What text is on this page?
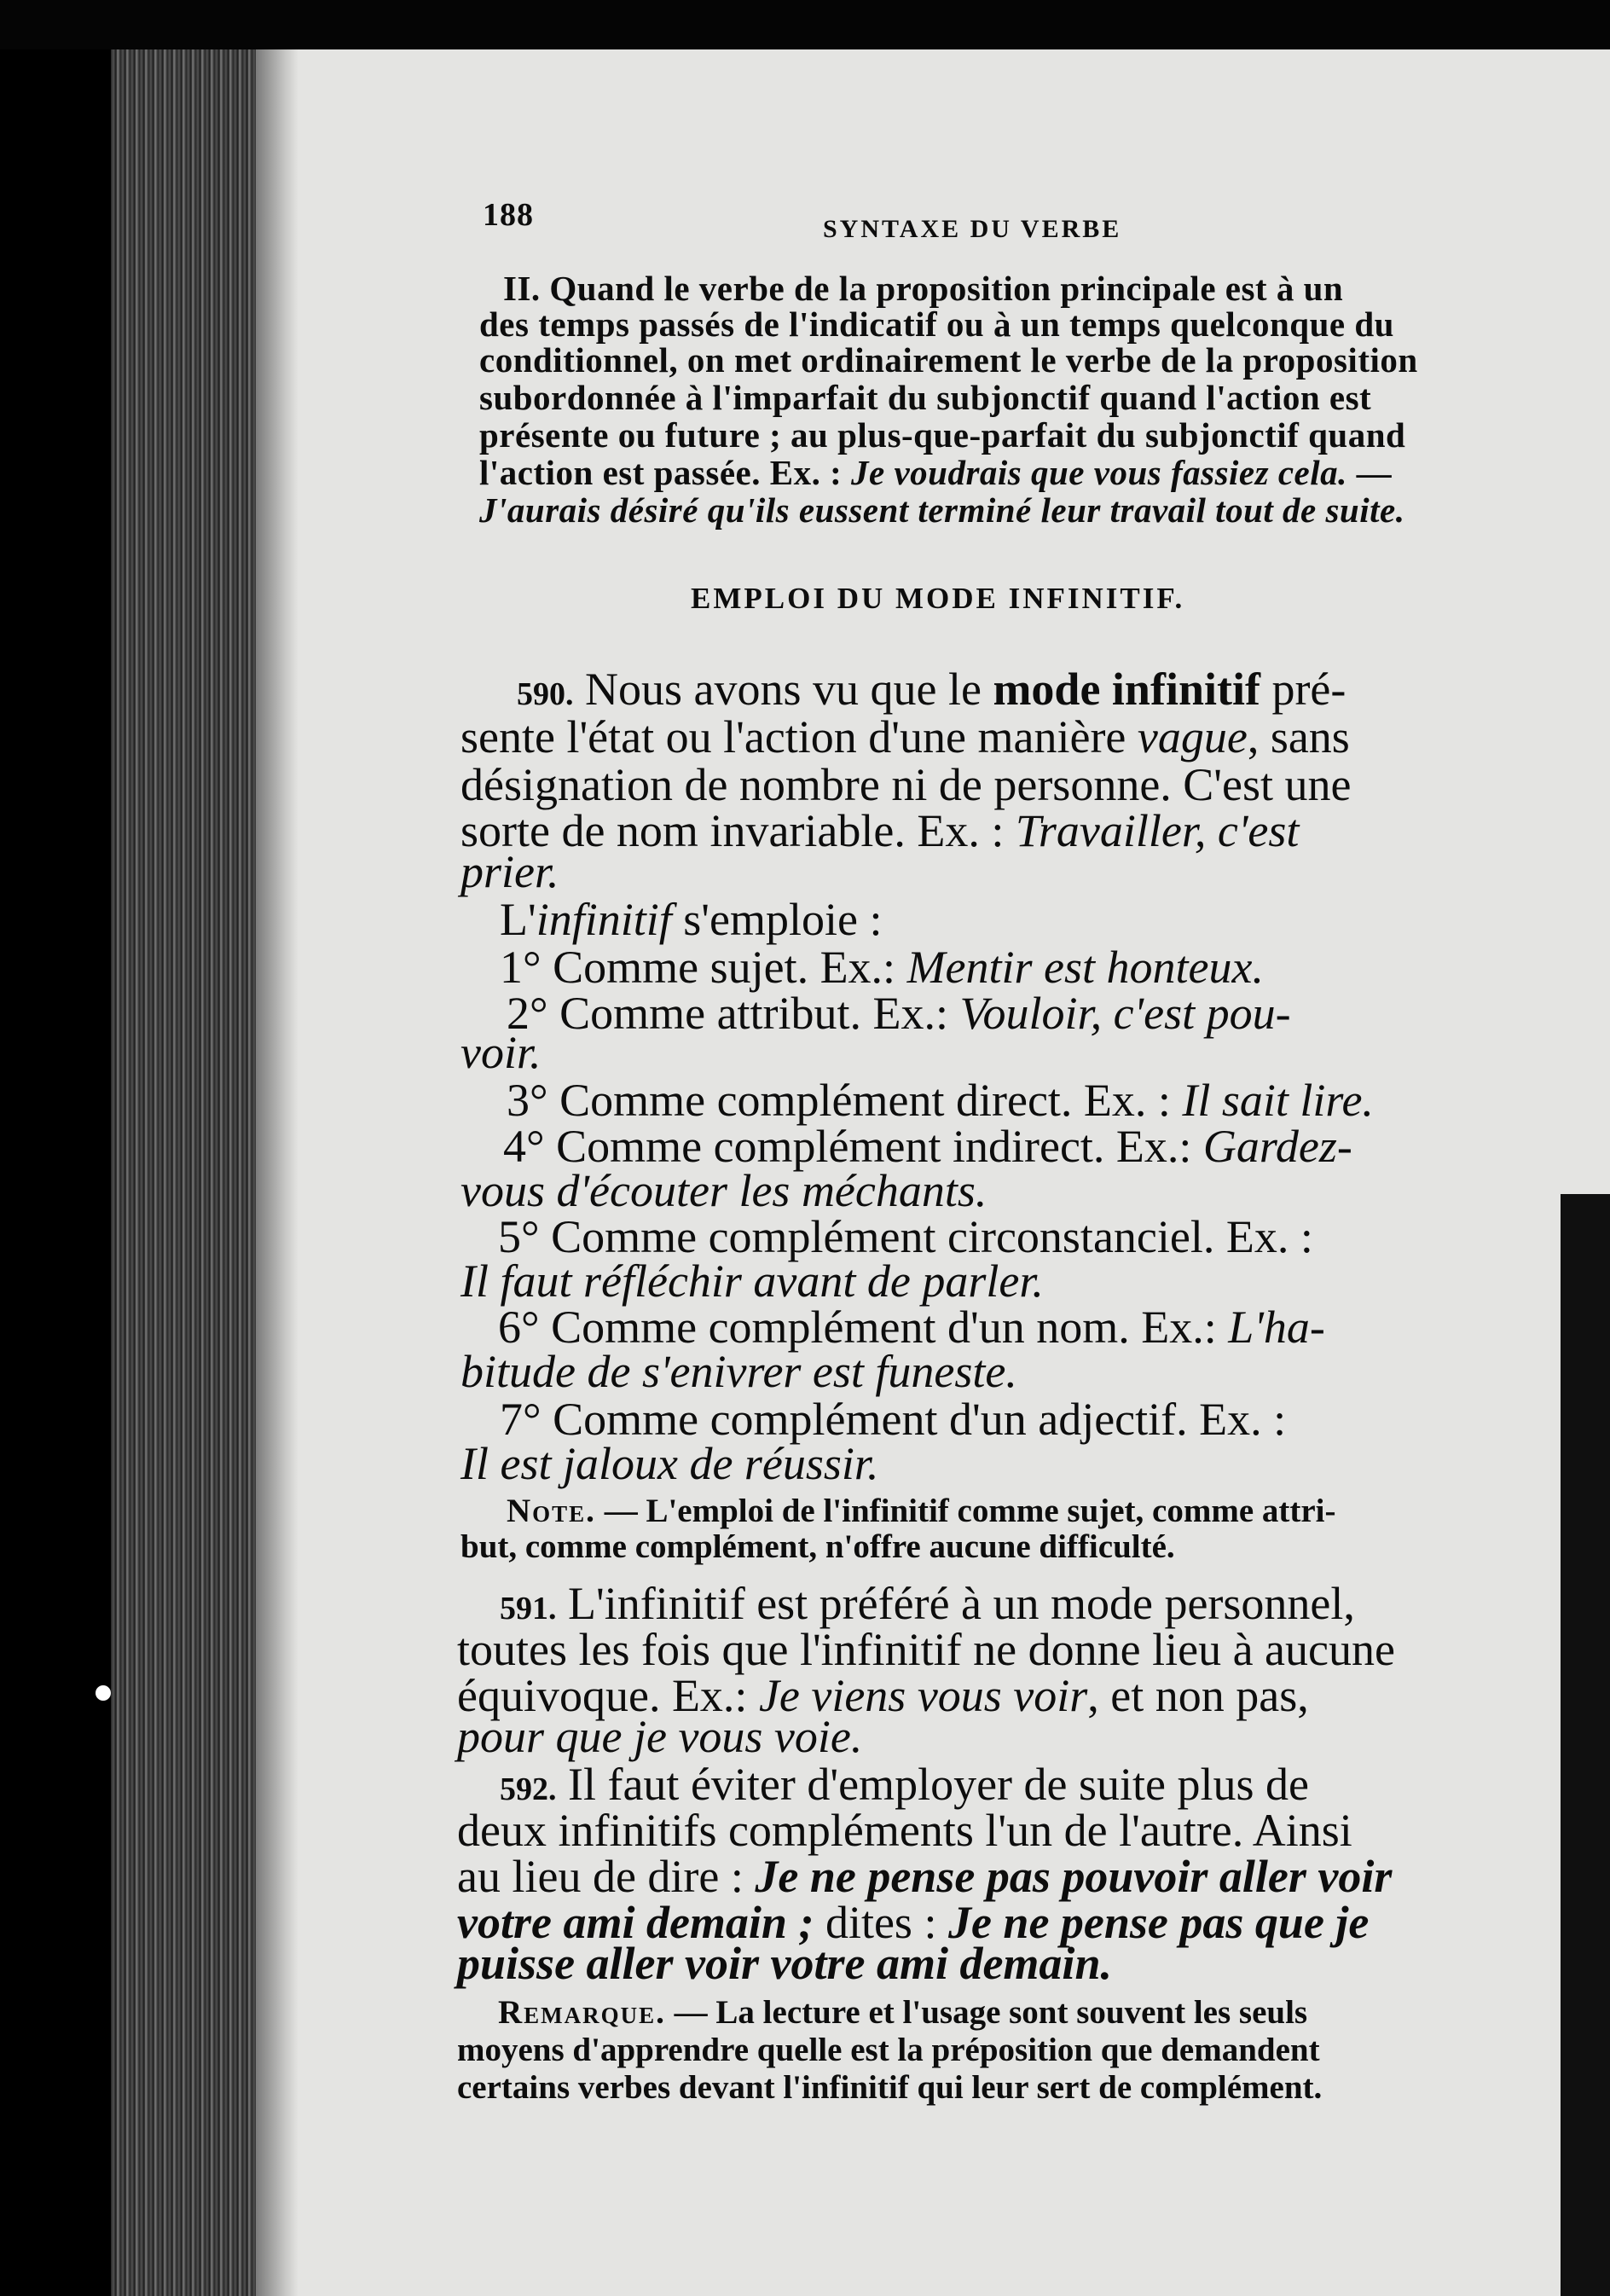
188	SYNTAXE DU VERBE
II. Quand le verbe de la proposition principale est à un
des temps passés de l'indicatif ou à un temps quelconque du
conditionnel, on met ordinairement le verbe de la proposition
subordonnée à l'imparfait du subjonctif quand l'action est
présente ou future ; au plus-que-parfait du subjonctif quand
l'action est passée. Ex. : Je voudrais que vous fassiez cela. —
J'aurais désiré qu'ils eussent terminé leur travail tout de suite.
EMPLOI DU MODE INFINITIF.
590. Nous avons vu que le mode infinitif pré-
sente l'état ou l'action d'une manière vague, sans
désignation de nombre ni de personne. C'est une
sorte de nom invariable. Ex. : Travailler, c'est
prier.
L'infinitif s'emploie :
1° Comme sujet. Ex.: Mentir est honteux.
2° Comme attribut. Ex.: Vouloir, c'est pou-
voir.
3° Comme complément direct. Ex. : Il sait lire.
4° Comme complément indirect. Ex.: Gardez-
vous d'écouter les méchants.
5° Comme complément circonstanciel. Ex. :
Il faut réfléchir avant de parler.
6° Comme complément d'un nom. Ex.: L'ha-
bitude de s'enivrer est funeste.
7° Comme complément d'un adjectif. Ex. :
Il est jaloux de réussir.
Note. — L'emploi de l'infinitif comme sujet, comme attri-
but, comme complément, n'offre aucune difficulté.
591. L'infinitif est préféré à un mode personnel,
toutes les fois que l'infinitif ne donne lieu à aucune
équivoque. Ex.: Je viens vous voir, et non pas,
pour que je vous voie.
592. Il faut éviter d'employer de suite plus de
deux infinitifs compléments l'un de l'autre. Ainsi
au lieu de dire : Je ne pense pas pouvoir aller voir
votre ami demain ; dites : Je ne pense pas que je
puisse aller voir votre ami demain.
Remarque. — La lecture et l'usage sont souvent les seuls
moyens d'apprendre quelle est la préposition que demandent
certains verbes devant l'infinitif qui leur sert de complément.
